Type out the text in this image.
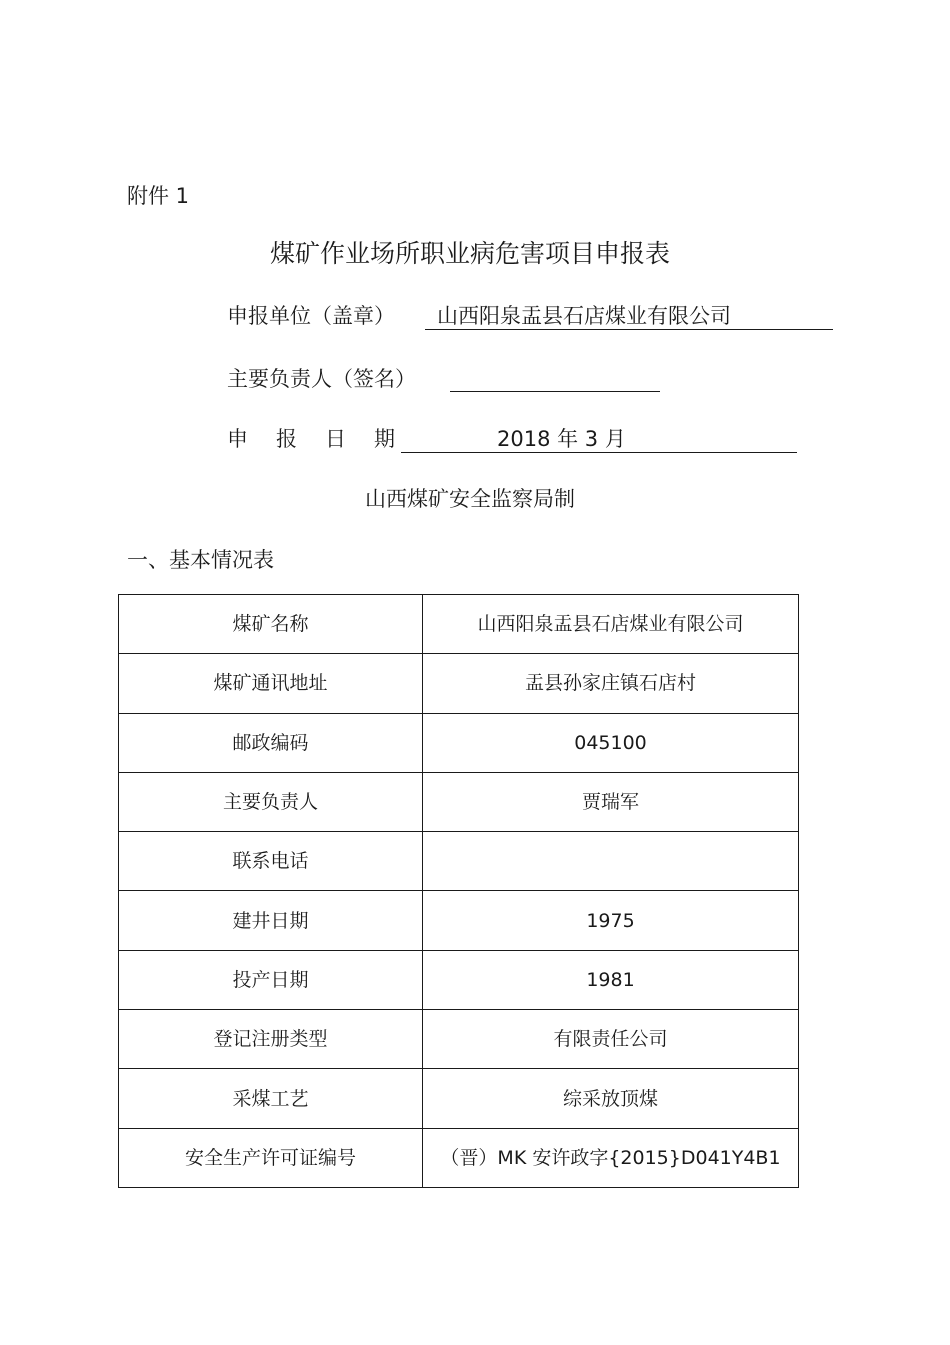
附件 1
煤矿作业场所职业病危害项目申报表
申报单位（盖章） 山西阳泉盂县石店煤业有限公司
主要负责人（签名）
申 报 日 期	2018 年 3 月
山西煤矿安全监察局制
一、基本情况表
煤矿名称	山西阳泉盂县石店煤业有限公司
煤矿通讯地址	盂县孙家庄镇石店村
邮政编码	045100
主要负责人	贾瑞军
联系电话	
建井日期	1975
投产日期	1981
登记注册类型	有限责任公司
采煤工艺	综采放顶煤
安全生产许可证编号	（晋）MK 安许政字{2015}D041Y4B1
